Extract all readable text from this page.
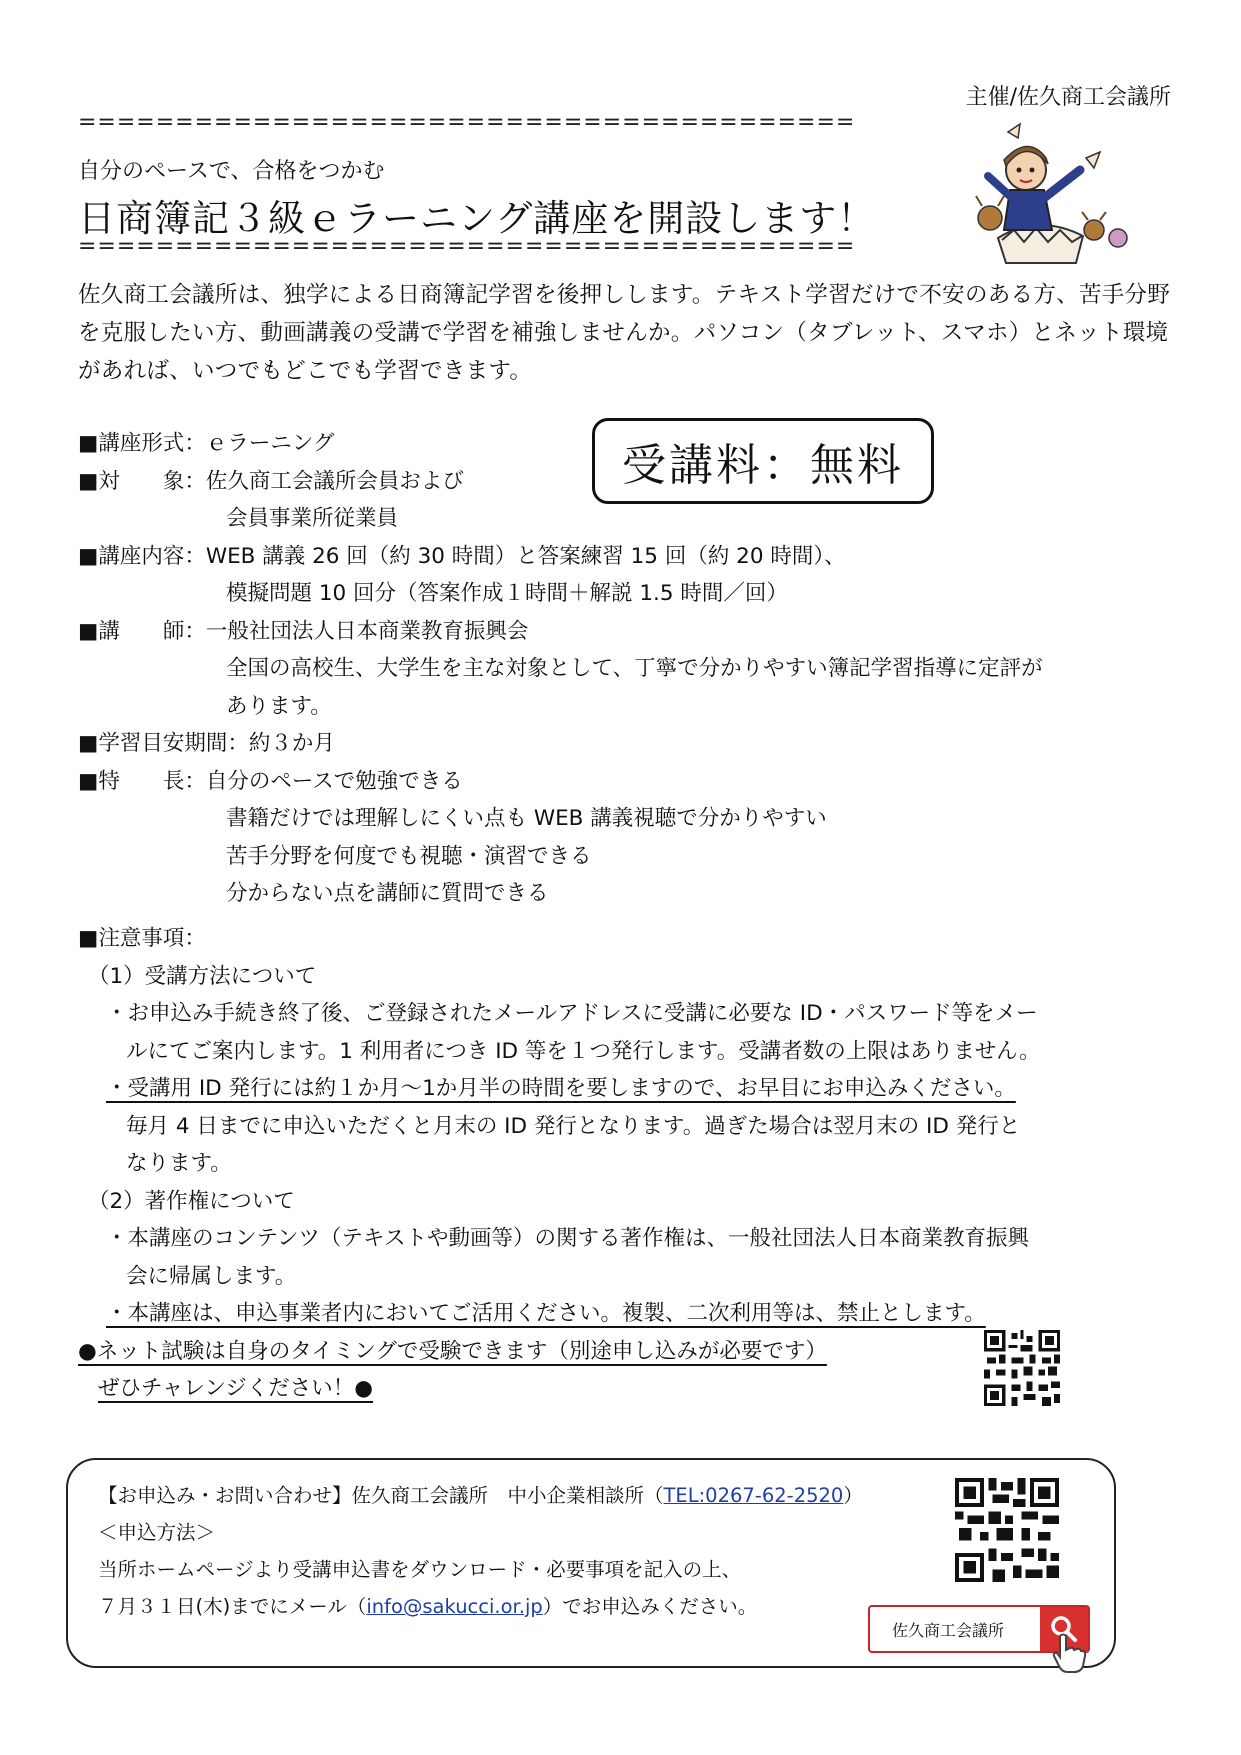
主催/佐久商工会議所
========================================
自分のペースで、合格をつかむ
日商簿記３級ｅラーニング講座を開設します！
========================================
佐久商工会議所は、独学による日商簿記学習を後押しします。テキスト学習だけで不安のある方、苦手分野を克服したい方、動画講義の受講で学習を補強しませんか。パソコン（タブレット、スマホ）とネット環境があれば、いつでもどこでも学習できます。
受講料：無料

■講座形式：ｅラーニング

■対　　象：佐久商工会議所会員および

会員事業所従業員

■講座内容：WEB 講義 26 回（約 30 時間）と答案練習 15 回（約 20 時間）、

模擬問題 10 回分（答案作成１時間＋解説 1.5 時間／回）

■講　　師：一般社団法人日本商業教育振興会

全国の高校生、大学生を主な対象として、丁寧で分かりやすい簿記学習指導に定評が

あります。

■学習目安期間：約３か月

■特　　長：自分のペースで勉強できる

書籍だけでは理解しにくい点も WEB 講義視聴で分かりやすい

苦手分野を何度でも視聴・演習できる

分からない点を講師に質問できる

■注意事項：

（1）受講方法について

・お申込み手続き終了後、ご登録されたメールアドレスに受講に必要な ID・パスワード等をメー

ルにてご案内します。1 利用者につき ID 等を１つ発行します。受講者数の上限はありません。

・受講用 ID 発行には約１か月～1か月半の時間を要しますので、お早目にお申込みください。

毎月 4 日までに申込いただくと月末の ID 発行となります。過ぎた場合は翌月末の ID 発行と

なります。

（2）著作権について

・本講座のコンテンツ（テキストや動画等）の関する著作権は、一般社団法人日本商業教育振興

会に帰属します。

・本講座は、申込事業者内においてご活用ください。複製、二次利用等は、禁止とします。

●ネット試験は自身のタイミングで受験できます（別途申し込みが必要です）

ぜひチャレンジください！●

【お申込み・お問い合わせ】佐久商工会議所　中小企業相談所（TEL:0267-62-2520）

＜申込方法＞

当所ホームページより受講申込書をダウンロード・必要事項を記入の上、

７月３１日(木)までにメール（info@sakucci.or.jp）でお申込みください。

佐久商工会議所
